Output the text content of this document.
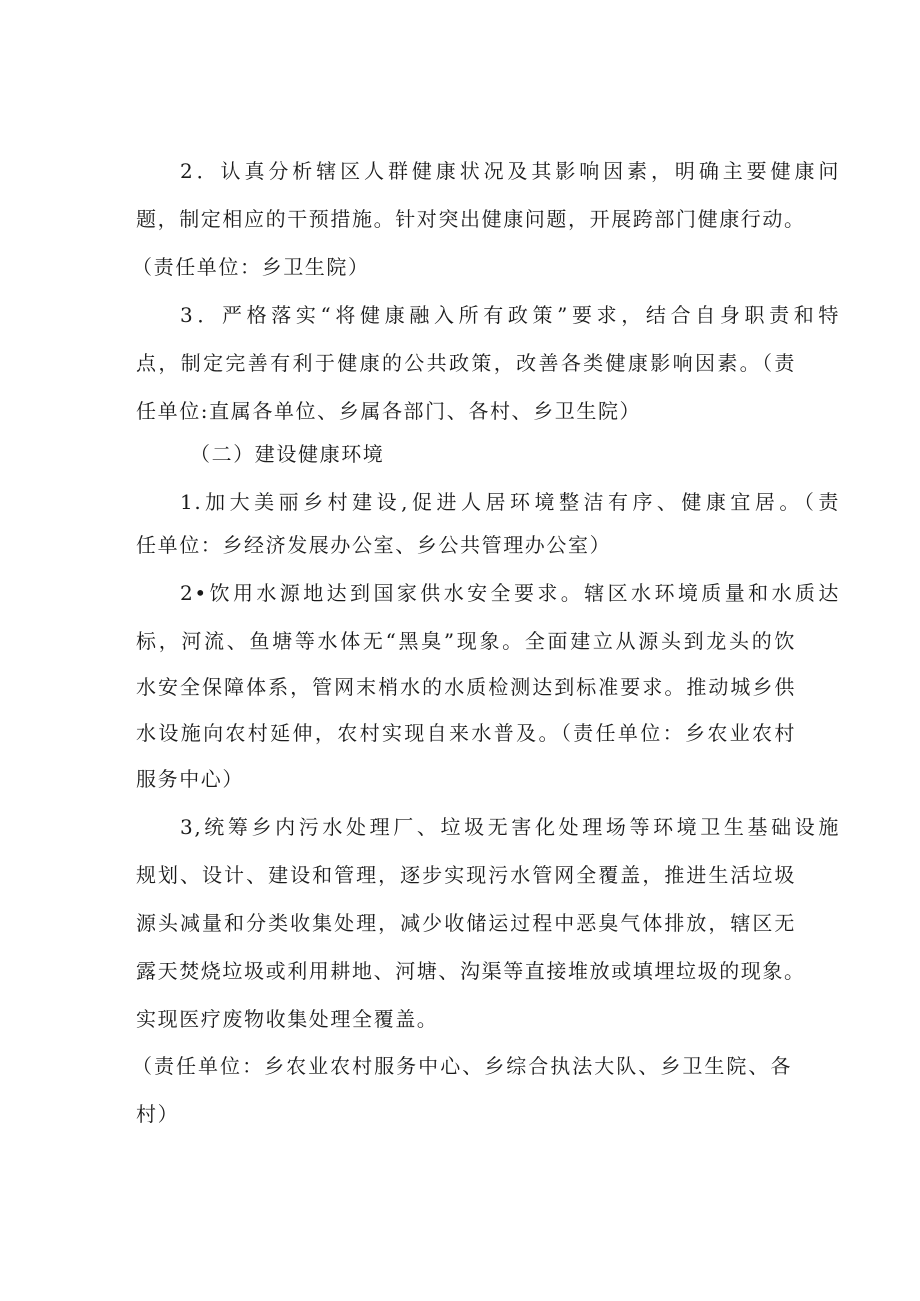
2．认真分析辖区人群健康状况及其影响因素，明确主要健康问
题，制定相应的干预措施。针对突出健康问题，开展跨部门健康行动。
（责任单位：乡卫生院）
3．严格落实“将健康融入所有政策”要求，结合自身职责和特
点，制定完善有利于健康的公共政策，改善各类健康影响因素。（责
任单位:直属各单位、乡属各部门、各村、乡卫生院）
（二）建设健康环境
1.加大美丽乡村建设,促进人居环境整洁有序、健康宜居。（责
任单位：乡经济发展办公室、乡公共管理办公室）
2•饮用水源地达到国家供水安全要求。辖区水环境质量和水质达
标，河流、鱼塘等水体无“黑臭”现象。全面建立从源头到龙头的饮
水安全保障体系，管网末梢水的水质检测达到标准要求。推动城乡供
水设施向农村延伸，农村实现自来水普及。（责任单位：乡农业农村
服务中心）
3,统筹乡内污水处理厂、垃圾无害化处理场等环境卫生基础设施
规划、设计、建设和管理，逐步实现污水管网全覆盖，推进生活垃圾
源头减量和分类收集处理，减少收储运过程中恶臭气体排放，辖区无
露天焚烧垃圾或利用耕地、河塘、沟渠等直接堆放或填埋垃圾的现象。
实现医疗废物收集处理全覆盖。
（责任单位：乡农业农村服务中心、乡综合执法大队、乡卫生院、各
村）
